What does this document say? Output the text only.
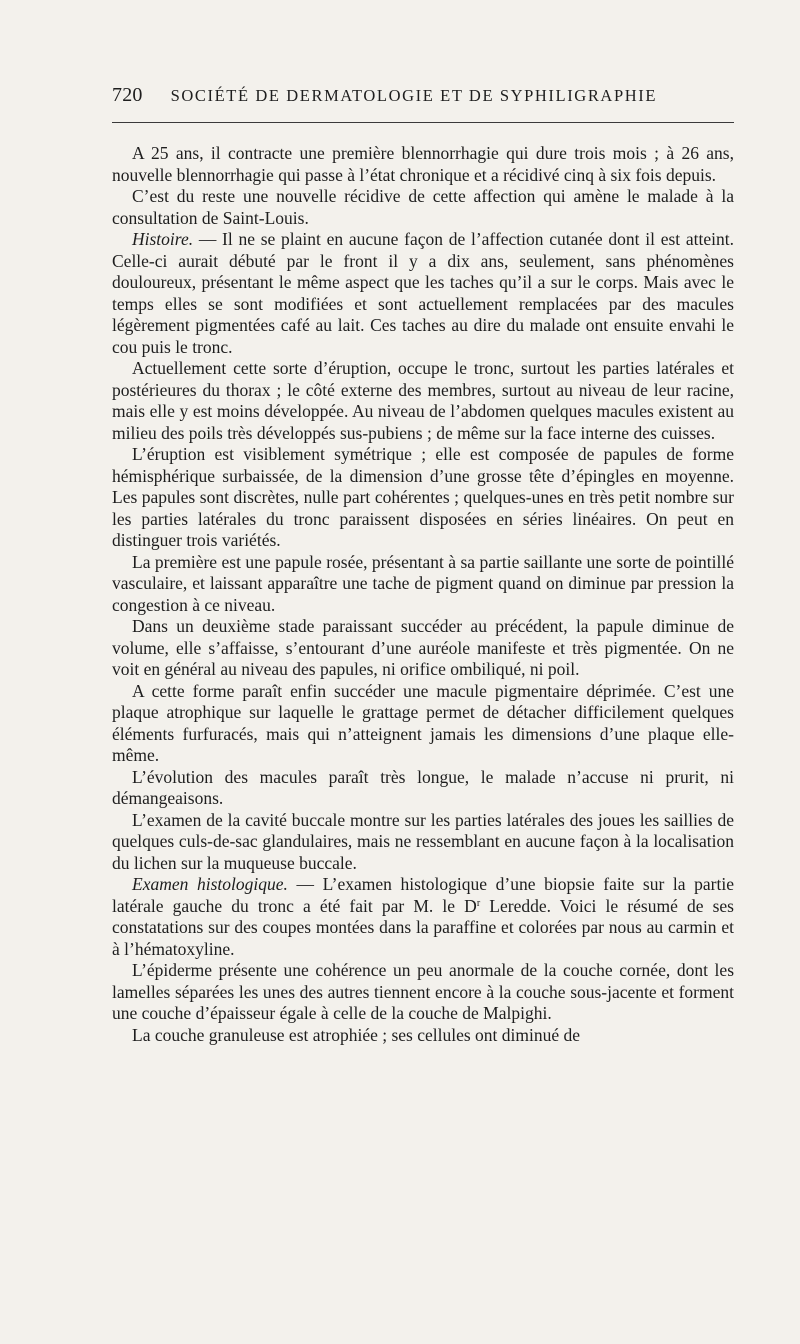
720 SOCIÉTÉ DE DERMATOLOGIE ET DE SYPHILIGRAPHIE

A 25 ans, il contracte une première blennorrhagie qui dure trois mois ; à 26 ans, nouvelle blennorrhagie qui passe à l’état chronique et a récidivé cinq à six fois depuis.

C’est du reste une nouvelle récidive de cette affection qui amène le malade à la consultation de Saint-Louis.

Histoire. — Il ne se plaint en aucune façon de l’affection cutanée dont il est atteint. Celle-ci aurait débuté par le front il y a dix ans, seulement, sans phénomènes douloureux, présentant le même aspect que les taches qu’il a sur le corps. Mais avec le temps elles se sont modifiées et sont actuellement remplacées par des macules légèrement pigmentées café au lait. Ces taches au dire du malade ont ensuite envahi le cou puis le tronc.

Actuellement cette sorte d’éruption, occupe le tronc, surtout les parties latérales et postérieures du thorax ; le côté externe des membres, surtout au niveau de leur racine, mais elle y est moins développée. Au niveau de l’abdomen quelques macules existent au milieu des poils très développés sus-pubiens ; de même sur la face interne des cuisses.

L’éruption est visiblement symétrique ; elle est composée de papules de forme hémisphérique surbaissée, de la dimension d’une grosse tête d’épingles en moyenne. Les papules sont discrètes, nulle part cohérentes ; quelques-unes en très petit nombre sur les parties latérales du tronc paraissent disposées en séries linéaires. On peut en distinguer trois variétés.

La première est une papule rosée, présentant à sa partie saillante une sorte de pointillé vasculaire, et laissant apparaître une tache de pigment quand on diminue par pression la congestion à ce niveau.

Dans un deuxième stade paraissant succéder au précédent, la papule diminue de volume, elle s’affaisse, s’entourant d’une auréole manifeste et très pigmentée. On ne voit en général au niveau des papules, ni orifice ombiliqué, ni poil.

A cette forme paraît enfin succéder une macule pigmentaire déprimée. C’est une plaque atrophique sur laquelle le grattage permet de détacher difficilement quelques éléments furfuracés, mais qui n’atteignent jamais les dimensions d’une plaque elle-même.

L’évolution des macules paraît très longue, le malade n’accuse ni prurit, ni démangeaisons.

L’examen de la cavité buccale montre sur les parties latérales des joues les saillies de quelques culs-de-sac glandulaires, mais ne ressemblant en aucune façon à la localisation du lichen sur la muqueuse buccale.

Examen histologique. — L’examen histologique d’une biopsie faite sur la partie latérale gauche du tronc a été fait par M. le $D^r$ Leredde. Voici le résumé de ses constatations sur des coupes montées dans la paraffine et colorées par nous au carmin et à l’hématoxyline.

L’épiderme présente une cohérence un peu anormale de la couche cornée, dont les lamelles séparées les unes des autres tiennent encore à la couche sous-jacente et forment une couche d’épaisseur égale à celle de la couche de Malpighi.

La couche granuleuse est atrophiée ; ses cellules ont diminué de
